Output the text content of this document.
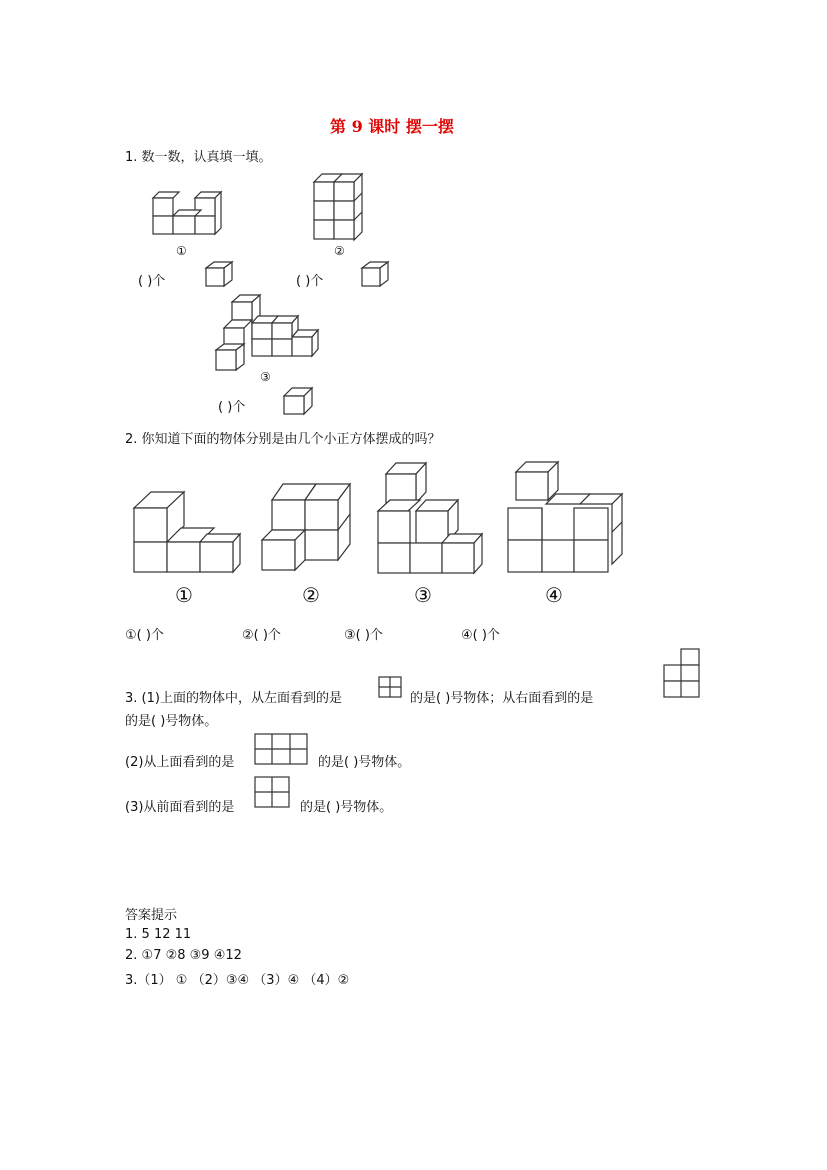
第 9 课时 摆一摆
1. 数一数，认真填一填。
①	②
( )个	( )个
③
( )个
2. 你知道下面的物体分别是由几个小正方体摆成的吗？
①	②	③	④
①( )个	②( )个	③( )个	④( )个
3. (1)上面的物体中，从左面看到的是	的是( )号物体；从右面看到的是
的是( )号物体。
(2)从上面看到的是	的是( )号物体。
(3)从前面看到的是	的是( )号物体。
答案提示
1. 5 12 11
2. ①7 ②8 ③9 ④12
3.（1） ① （2）③④ （3）④ （4）②
